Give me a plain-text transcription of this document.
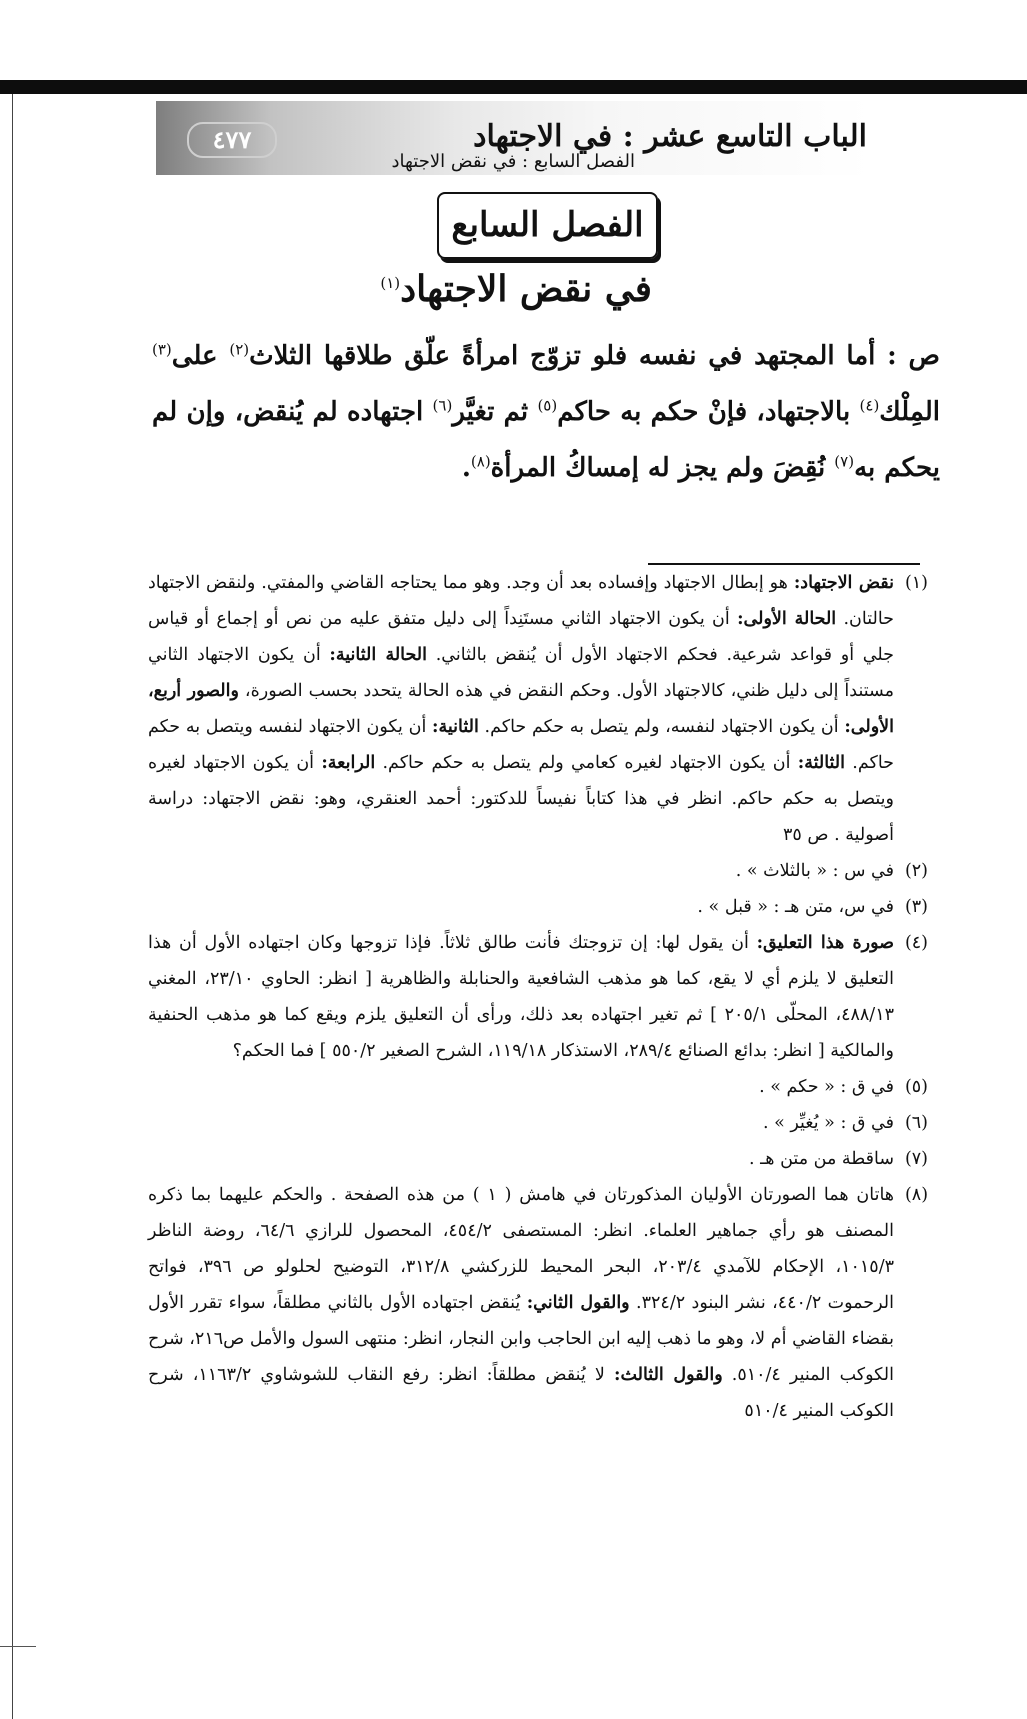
٤٧٧	الباب التاسع عشر : في الاجتهاد
الفصل السابع : في نقض الاجتهاد
الفصل السابع
في نقض الاجتهاد$^{(١)}$
ص : أما المجتهد في نفسه فلو تزوّج امرأةً علّق طلاقها الثلاث$^{(٢)}$ على$^{(٣)}$ المِلْك$^{(٤)}$ بالاجتهاد، فإنْ حكم به حاكم$^{(٥)}$ ثم تغيَّر$^{(٦)}$ اجتهاده لم يُنقض، وإن لم يحكم به$^{(٧)}$ نُقِضَ ولم يجز له إمساكُ المرأة$^{(٨)}$.
(١)نقض الاجتهاد: هو إبطال الاجتهاد وإفساده بعد أن وجد. وهو مما يحتاجه القاضي والمفتي. ولنقض الاجتهاد حالتان. الحالة الأولى: أن يكون الاجتهاد الثاني مستَنِداً إلى دليل متفق عليه من نص أو إجماع أو قياس جلي أو قواعد شرعية. فحكم الاجتهاد الأول أن يُنقض بالثاني. الحالة الثانية: أن يكون الاجتهاد الثاني مستنداً إلى دليل ظني، كالاجتهاد الأول. وحكم النقض في هذه الحالة يتحدد بحسب الصورة، والصور أربع، الأولى: أن يكون الاجتهاد لنفسه، ولم يتصل به حكم حاكم. الثانية: أن يكون الاجتهاد لنفسه ويتصل به حكم حاكم. الثالثة: أن يكون الاجتهاد لغيره كعامي ولم يتصل به حكم حاكم. الرابعة: أن يكون الاجتهاد لغيره ويتصل به حكم حاكم. انظر في هذا كتاباً نفيساً للدكتور: أحمد العنقري، وهو: نقض الاجتهاد: دراسة أصولية . ص ٣٥
(٢)في س : « بالثلاث » .
(٣)في س، متن هـ : « قبل » .
(٤)صورة هذا التعليق: أن يقول لها: إن تزوجتك فأنت طالق ثلاثاً. فإذا تزوجها وكان اجتهاده الأول أن هذا التعليق لا يلزم أي لا يقع، كما هو مذهب الشافعية والحنابلة والظاهرية [ انظر: الحاوي ٢٣/١٠، المغني ٤٨٨/١٣، المحلّى ٢٠٥/١ ] ثم تغير اجتهاده بعد ذلك، ورأى أن التعليق يلزم ويقع كما هو مذهب الحنفية والمالكية [ انظر: بدائع الصنائع ٢٨٩/٤، الاستذكار ١١٩/١٨، الشرح الصغير ٥٥٠/٢ ] فما الحكم؟
(٥)في ق : « حكم » .
(٦)في ق : « يُغيِّر » .
(٧)ساقطة من متن هـ .
(٨)هاتان هما الصورتان الأوليان المذكورتان في هامش ( ١ ) من هذه الصفحة . والحكم عليهما بما ذكره المصنف هو رأي جماهير العلماء. انظر: المستصفى ٤٥٤/٢، المحصول للرازي ٦٤/٦، روضة الناظر ١٠١٥/٣، الإحكام للآمدي ٢٠٣/٤، البحر المحيط للزركشي ٣١٢/٨، التوضيح لحلولو ص ٣٩٦، فواتح الرحموت ٤٤٠/٢، نشر البنود ٣٢٤/٢. والقول الثاني: يُنقض اجتهاده الأول بالثاني مطلقاً، سواء تقرر الأول بقضاء القاضي أم لا، وهو ما ذهب إليه ابن الحاجب وابن النجار، انظر: منتهى السول والأمل ص٢١٦، شرح الكوكب المنير ٥١٠/٤. والقول الثالث: لا يُنقض مطلقاً: انظر: رفع النقاب للشوشاوي ١١٦٣/٢، شرح الكوكب المنير ٥١٠/٤
